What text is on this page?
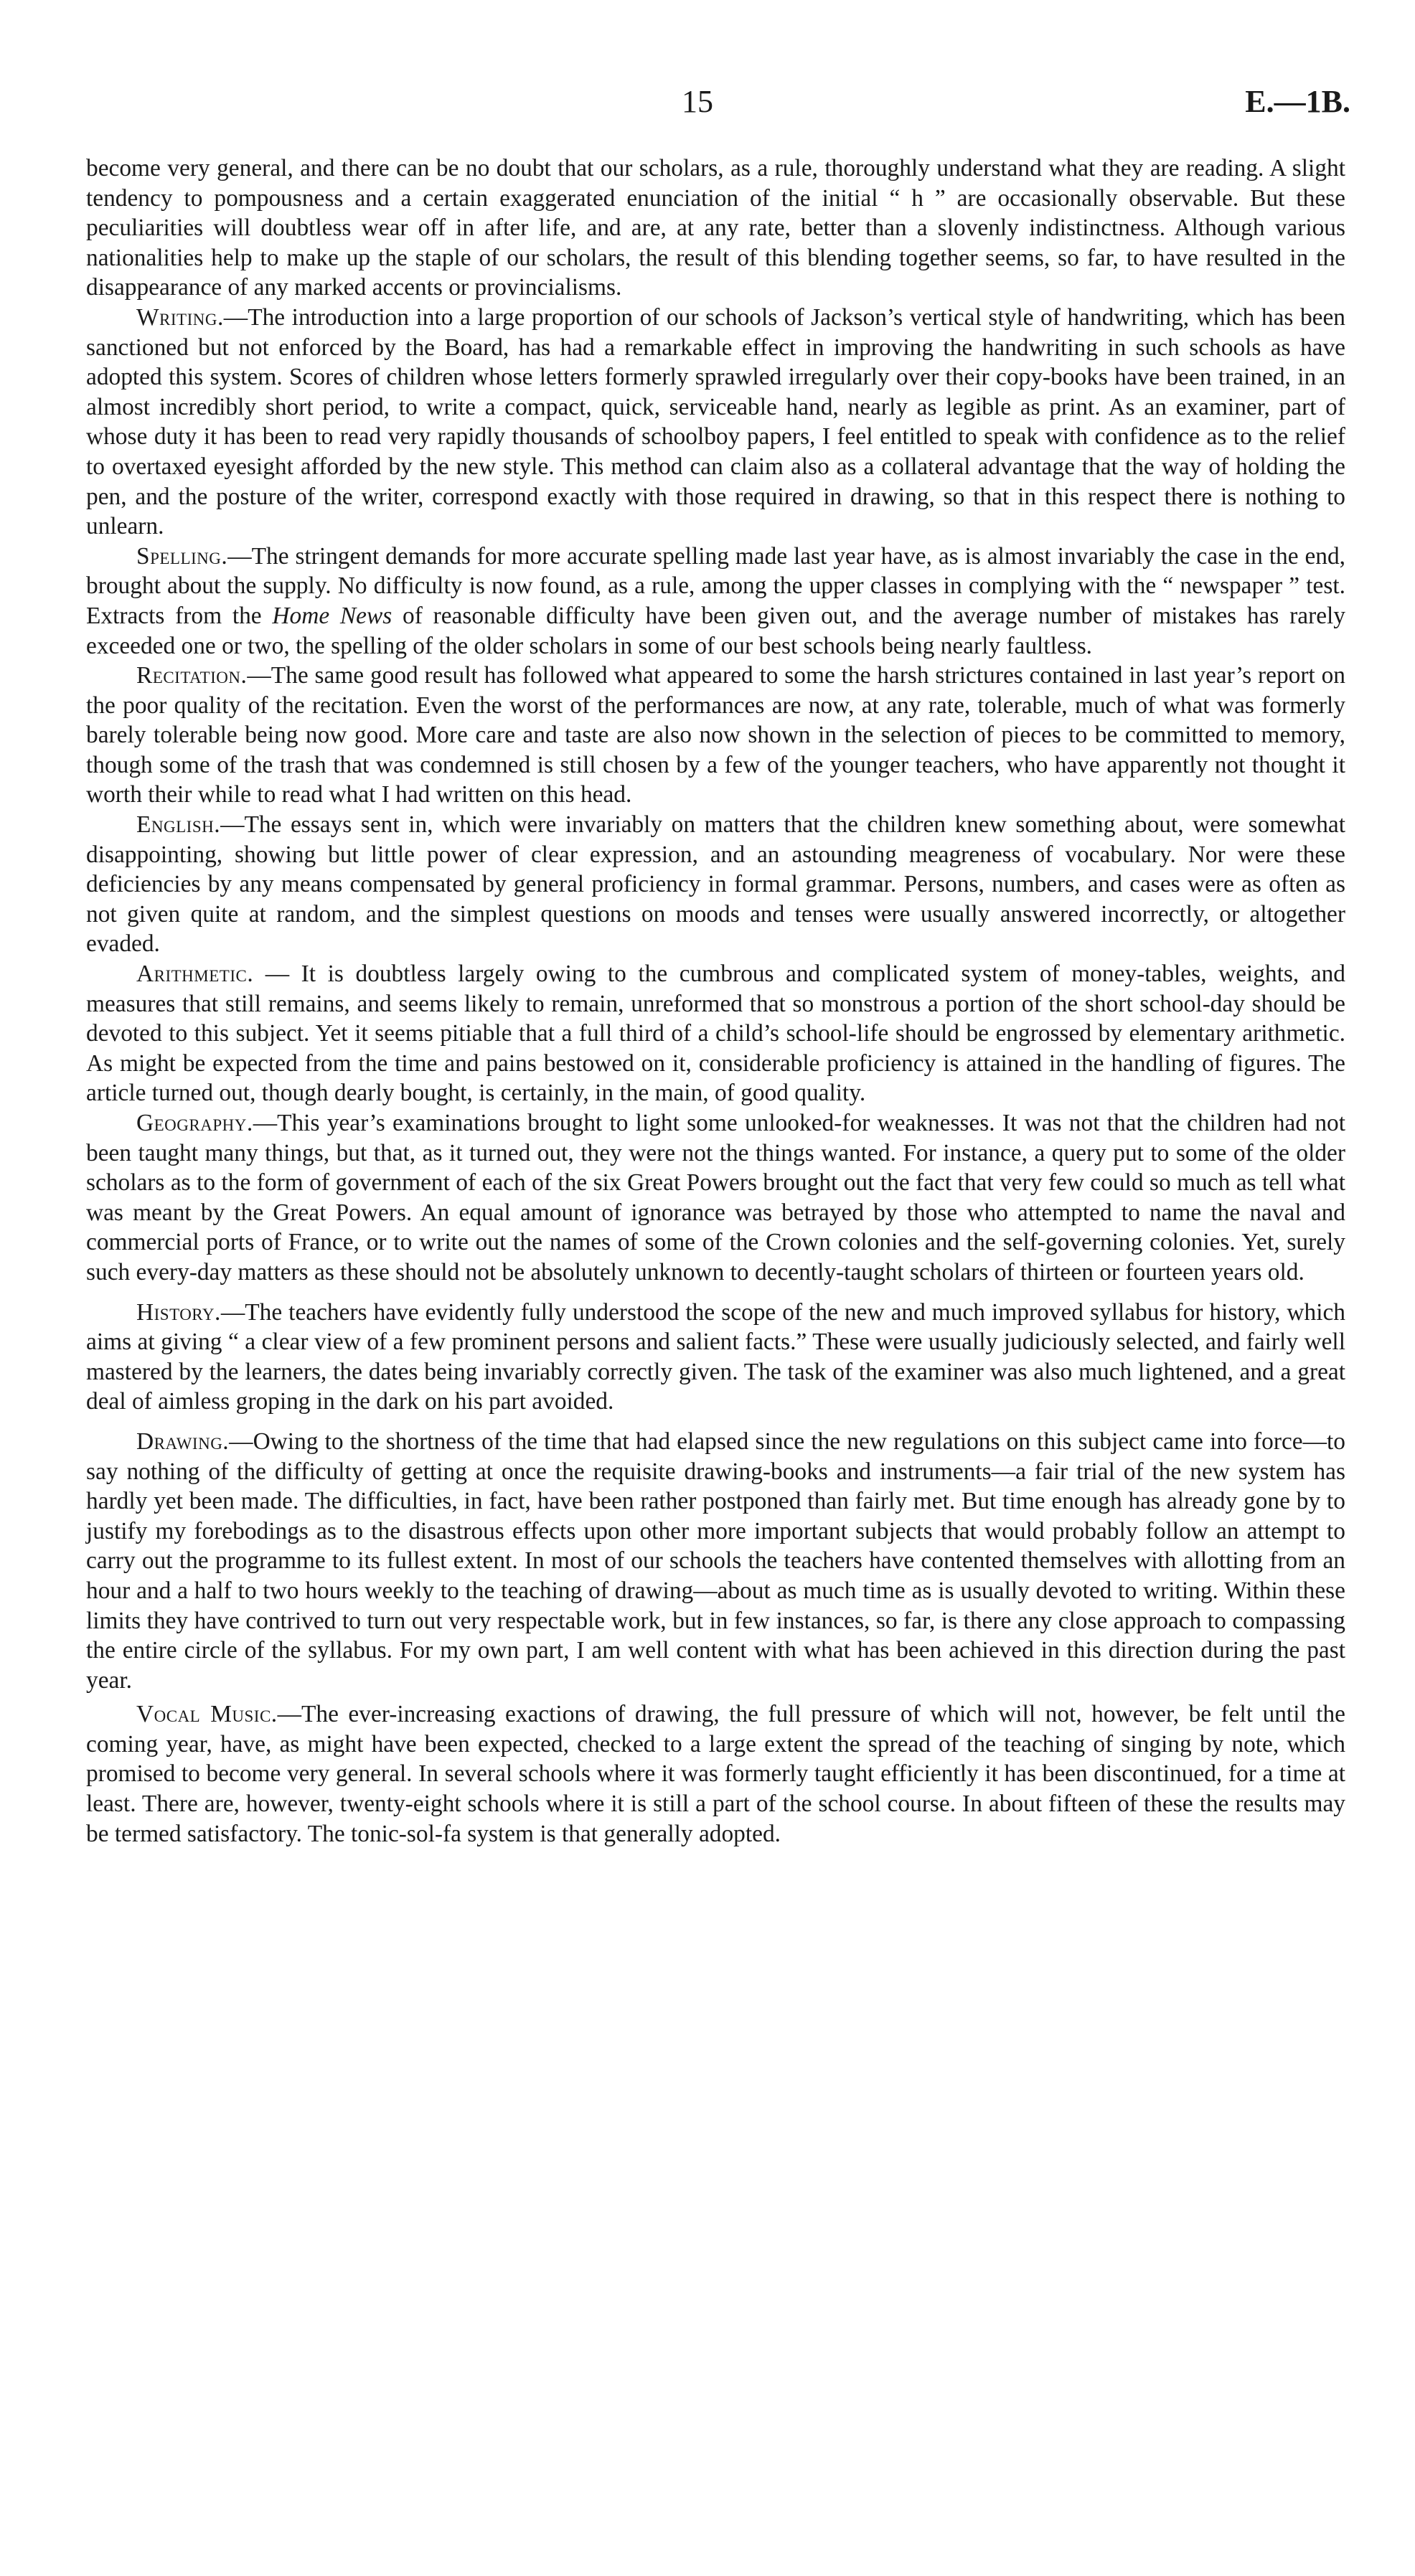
15	E.—1B.

become very general, and there can be no doubt that our scholars, as a rule, thoroughly understand what they are reading. A slight tendency to pompousness and a certain exaggerated enunciation of the initial “ h ” are occasionally observable. But these peculiarities will doubtless wear off in after life, and are, at any rate, better than a slovenly indistinctness. Although various nationalities help to make up the staple of our scholars, the result of this blending together seems, so far, to have resulted in the disappearance of any marked accents or provincialisms.

Writing.—The introduction into a large proportion of our schools of Jackson’s vertical style of handwriting, which has been sanctioned but not enforced by the Board, has had a remarkable effect in improving the handwriting in such schools as have adopted this system. Scores of children whose letters formerly sprawled irregularly over their copy-books have been trained, in an almost incredibly short period, to write a compact, quick, serviceable hand, nearly as legible as print. As an examiner, part of whose duty it has been to read very rapidly thousands of schoolboy papers, I feel entitled to speak with confidence as to the relief to overtaxed eyesight afforded by the new style. This method can claim also as a collateral advantage that the way of holding the pen, and the posture of the writer, correspond exactly with those required in drawing, so that in this respect there is nothing to unlearn.

Spelling.—The stringent demands for more accurate spelling made last year have, as is almost invariably the case in the end, brought about the supply. No difficulty is now found, as a rule, among the upper classes in complying with the “ newspaper ” test. Extracts from the Home News of reasonable difficulty have been given out, and the average number of mistakes has rarely exceeded one or two, the spelling of the older scholars in some of our best schools being nearly faultless.

Recitation.—The same good result has followed what appeared to some the harsh strictures contained in last year’s report on the poor quality of the recitation. Even the worst of the performances are now, at any rate, tolerable, much of what was formerly barely tolerable being now good. More care and taste are also now shown in the selection of pieces to be committed to memory, though some of the trash that was condemned is still chosen by a few of the younger teachers, who have apparently not thought it worth their while to read what I had written on this head.

English.—The essays sent in, which were invariably on matters that the children knew something about, were somewhat disappointing, showing but little power of clear expression, and an astounding meagreness of vocabulary. Nor were these deficiencies by any means compensated by general proficiency in formal grammar. Persons, numbers, and cases were as often as not given quite at random, and the simplest questions on moods and tenses were usually answered incorrectly, or altogether evaded.

Arithmetic. — It is doubtless largely owing to the cumbrous and complicated system of money-tables, weights, and measures that still remains, and seems likely to remain, unreformed that so monstrous a portion of the short school-day should be devoted to this subject. Yet it seems pitiable that a full third of a child’s school-life should be engrossed by elementary arithmetic. As might be expected from the time and pains bestowed on it, considerable proficiency is attained in the handling of figures. The article turned out, though dearly bought, is certainly, in the main, of good quality.

Geography.—This year’s examinations brought to light some unlooked-for weaknesses. It was not that the children had not been taught many things, but that, as it turned out, they were not the things wanted. For instance, a query put to some of the older scholars as to the form of government of each of the six Great Powers brought out the fact that very few could so much as tell what was meant by the Great Powers. An equal amount of ignorance was betrayed by those who attempted to name the naval and commercial ports of France, or to write out the names of some of the Crown colonies and the self-governing colonies. Yet, surely such every-day matters as these should not be absolutely unknown to decently-taught scholars of thirteen or fourteen years old.

History.—The teachers have evidently fully understood the scope of the new and much improved syllabus for history, which aims at giving “ a clear view of a few prominent persons and salient facts.” These were usually judiciously selected, and fairly well mastered by the learners, the dates being invariably correctly given. The task of the examiner was also much lightened, and a great deal of aimless groping in the dark on his part avoided.

Drawing.—Owing to the shortness of the time that had elapsed since the new regulations on this subject came into force—to say nothing of the difficulty of getting at once the requisite drawing-books and instruments—a fair trial of the new system has hardly yet been made. The difficulties, in fact, have been rather postponed than fairly met. But time enough has already gone by to justify my forebodings as to the disastrous effects upon other more important subjects that would probably follow an attempt to carry out the programme to its fullest extent. In most of our schools the teachers have contented themselves with allotting from an hour and a half to two hours weekly to the teaching of drawing—about as much time as is usually devoted to writing. Within these limits they have contrived to turn out very respectable work, but in few instances, so far, is there any close approach to compassing the entire circle of the syllabus. For my own part, I am well content with what has been achieved in this direction during the past year.

Vocal Music.—The ever-increasing exactions of drawing, the full pressure of which will not, however, be felt until the coming year, have, as might have been expected, checked to a large extent the spread of the teaching of singing by note, which promised to become very general. In several schools where it was formerly taught efficiently it has been discontinued, for a time at least. There are, however, twenty-eight schools where it is still a part of the school course. In about fifteen of these the results may be termed satisfactory. The tonic-sol-fa system is that generally adopted.
